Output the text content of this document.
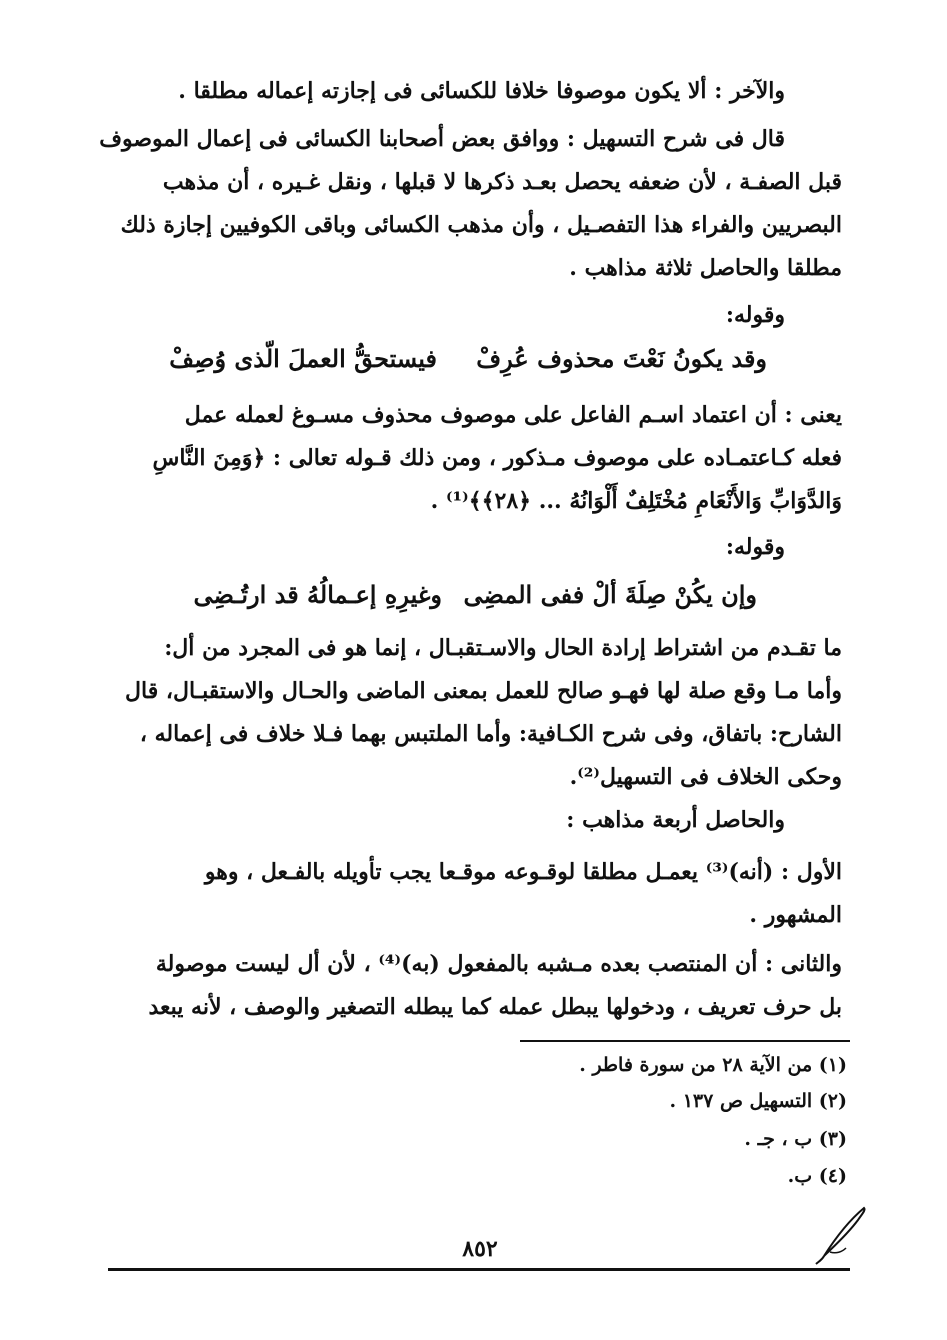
والآخر : ألا يكون موصوفا خلافا للكسائى فى إجازته إعماله مطلقا .
قال فى شرح التسهيل : ووافق بعض أصحابنا الكسائى فى إعمال الموصوف
قبل الصفـة ، لأن ضعفه يحصل بعـد ذكرها لا قبلها ، ونقل غـيره ، أن مذهب
البصريين والفراء هذا التفصـيل ، وأن مذهب الكسائى وباقى الكوفيين إجازة ذلك
مطلقا والحاصل ثلاثة مذاهب .
وقوله:
وقد يكونُ نَعْتَ محذوف عُرِفْ
فيستحقُّ العملَ الّذى وُصِفْ
يعنى : أن اعتماد اسـم الفاعل على موصوف محذوف مسـوغ لعمله عمل
فعله كـاعتمـاده على موصوف مـذكور ، ومن ذلك قـوله تعالى : ﴿وَمِنَ النَّاسِ
وَالدَّوَابِّ وَالأَنْعَامِ مُخْتَلِفٌ أَلْوَانُهُ ... ﴿٢٨﴾﴾⁽¹⁾ .
وقوله:
وإن يكُنْ صِلَةَ ألْ ففى المضِى
وغيرِهِ إعـمالُهُ قد ارتُـضِى
ما تقـدم من اشتراط إرادة الحال والاسـتقبـال ، إنما هو فى المجرد من أل:
وأما مـا وقع صلة لها فهـو صالح للعمل بمعنى الماضى والحـال والاستقبـال، قال
الشارح: باتفاق، وفى شرح الكـافية: وأما الملتبس بهما فـلا خلاف فى إعماله ،
وحكى الخلاف فى التسهيل⁽²⁾.
والحاصل أربعة مذاهب :
الأول : (أنه)⁽³⁾ يعمـل مطلقا لوقـوعه موقـعا يجب تأويله بالفـعل ، وهو
المشهور .
والثانى : أن المنتصب بعده مـشبه بالمفعول (به)⁽⁴⁾ ، لأن أل ليست موصولة
بل حرف تعريف ، ودخولها يبطل عمله كما يبطله التصغير والوصف ، لأنه يبعد
(١) من الآية ٢٨ من سورة فاطر .
(٢) التسهيل ص ١٣٧ .
(٣) ب ، جـ .
(٤) ب.
٨٥٢
